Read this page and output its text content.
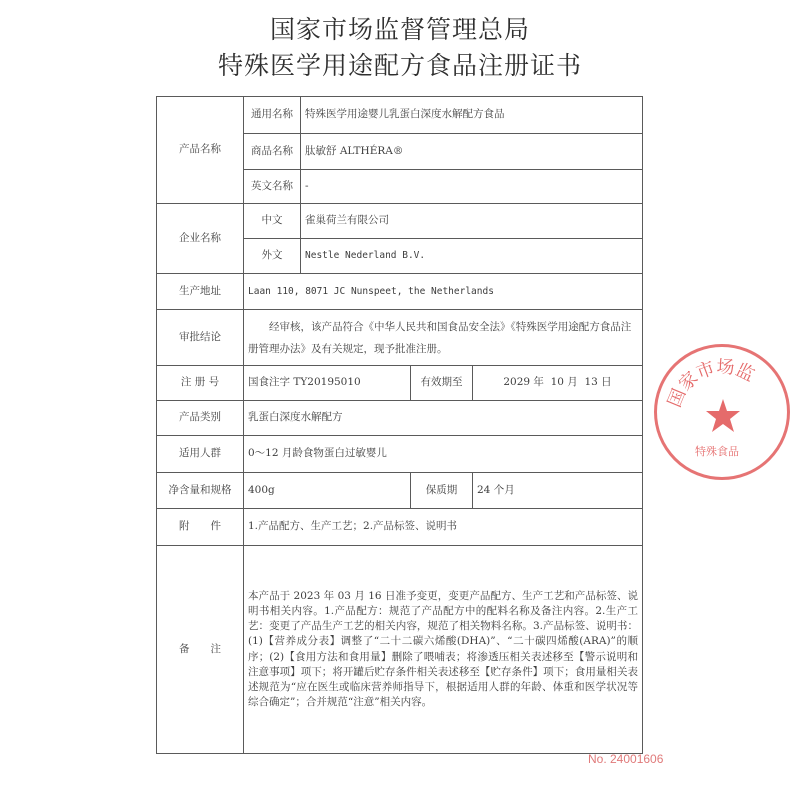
国家市场监督管理总局
特殊医学用途配方食品注册证书
产品名称	通用名称	特殊医学用途婴儿乳蛋白深度水解配方食品		
	商品名称	肽敏舒 ALTHÉRA®		
	英文名称	-		
企业名称	中文	雀巢荷兰有限公司		
	外文	Nestle Nederland B.V.		
生产地址	Laan 110, 8071 JC Nunspeet, the Netherlands			
审批结论	　　经审核，该产品符合《中华人民共和国食品安全法》《特殊医学用途配方食品注册管理办法》及有关规定，现予批准注册。			
注 册 号	国食注字 TY20195010		有效期至	2029 年  10 月  13 日
产品类别	乳蛋白深度水解配方			
适用人群	0～12 月龄食物蛋白过敏婴儿			
净含量和规格	400g		保质期	24 个月
附　　件	1.产品配方、生产工艺；2.产品标签、说明书			
备　　注	本产品于 2023 年 03 月 16 日准予变更，变更产品配方、生产工艺和产品标签、说明书相关内容。1.产品配方：规范了产品配方中的配料名称及备注内容。2.生产工艺：变更了产品生产工艺的相关内容，规范了相关物料名称。3.产品标签、说明书：(1)【营养成分表】调整了“二十二碳六烯酸(DHA)”、“二十碳四烯酸(ARA)”的顺序；(2)【食用方法和食用量】删除了喂哺表；将渗透压相关表述移至【警示说明和注意事项】项下；将开罐后贮存条件相关表述移至【贮存条件】项下；食用量相关表述规范为“应在医生或临床营养师指导下，根据适用人群的年龄、体重和医学状况等综合确定”；合并规范“注意”相关内容。			
国家市场监
特殊食品
No. 24001606
